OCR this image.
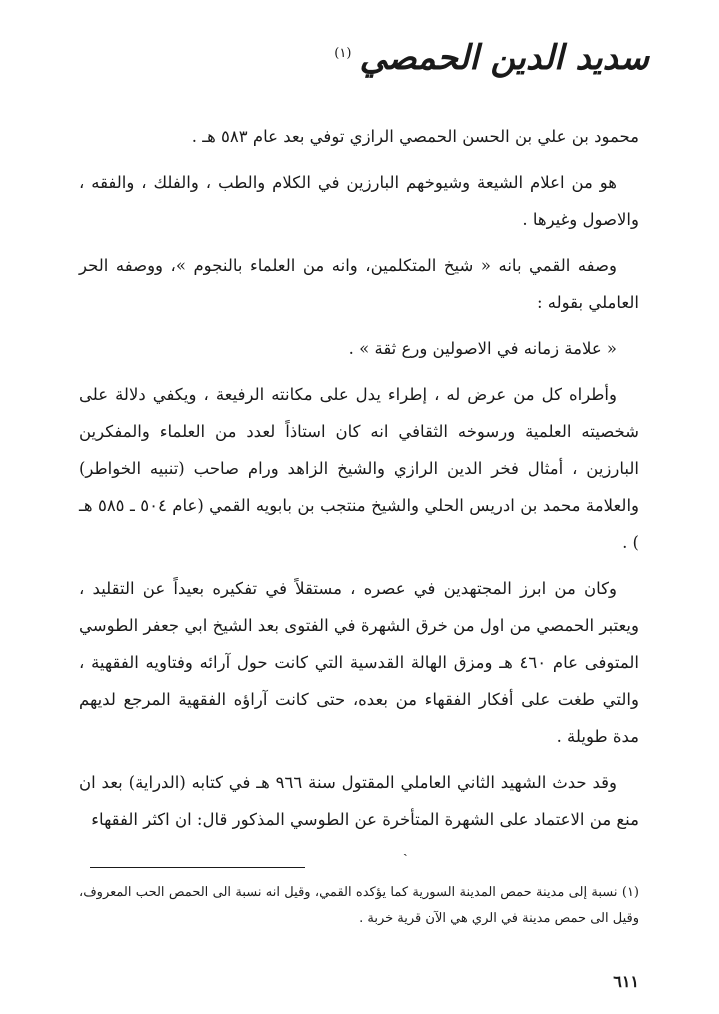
سديد الدين الحمصي$^{(١)}$

محمود بن علي بن الحسن الحمصي الرازي توفي بعد عام ٥٨٣ هـ .

هو من اعلام الشيعة وشيوخهم البارزين في الكلام والطب ، والفلك ، والفقه ، والاصول وغيرها .

وصفه القمي بانه « شيخ المتكلمين، وانه من العلماء بالنجوم »، ووصفه الحر العاملي بقوله :

« علامة زمانه في الاصولين ورع ثقة » .

وأطراه كل من عرض له ، إطراء يدل على مكانته الرفيعة ، ويكفي دلالة على شخصيته العلمية ورسوخه الثقافي انه كان استاذاً لعدد من العلماء والمفكرين البارزين ، أمثال فخر الدين الرازي والشيخ الزاهد ورام صاحب (تنبيه الخواطر) والعلامة محمد بن ادريس الحلي والشيخ منتجب بن بابويه القمي (عام ٥٠٤ ـ ٥٨٥ هـ ) .

وكان من ابرز المجتهدين في عصره ، مستقلاً في تفكيره بعيداً عن التقليد ، ويعتبر الحمصي من اول من خرق الشهرة في الفتوى بعد الشيخ ابي جعفر الطوسي المتوفى عام ٤٦٠ هـ ومزق الهالة القدسية التي كانت حول آرائه وفتاويه الفقهية ، والتي طغت على أفكار الفقهاء من بعده، حتى كانت آراؤه الفقهية المرجع لديهم مدة طويلة .

وقد حدث الشهيد الثاني العاملي المقتول سنة ٩٦٦ هـ في كتابه (الدراية) بعد ان منع من الاعتماد على الشهرة المتأخرة عن الطوسي المذكور قال: ان اكثر الفقهاء

ˎ
(١) نسبة إلى مدينة حمص المدينة السورية كما يؤكده القمي، وقيل انه نسبة الى الحمص الحب المعروف، وقيل الى حمص مدينة في الري هي الآن قرية خربة .
٦١١
